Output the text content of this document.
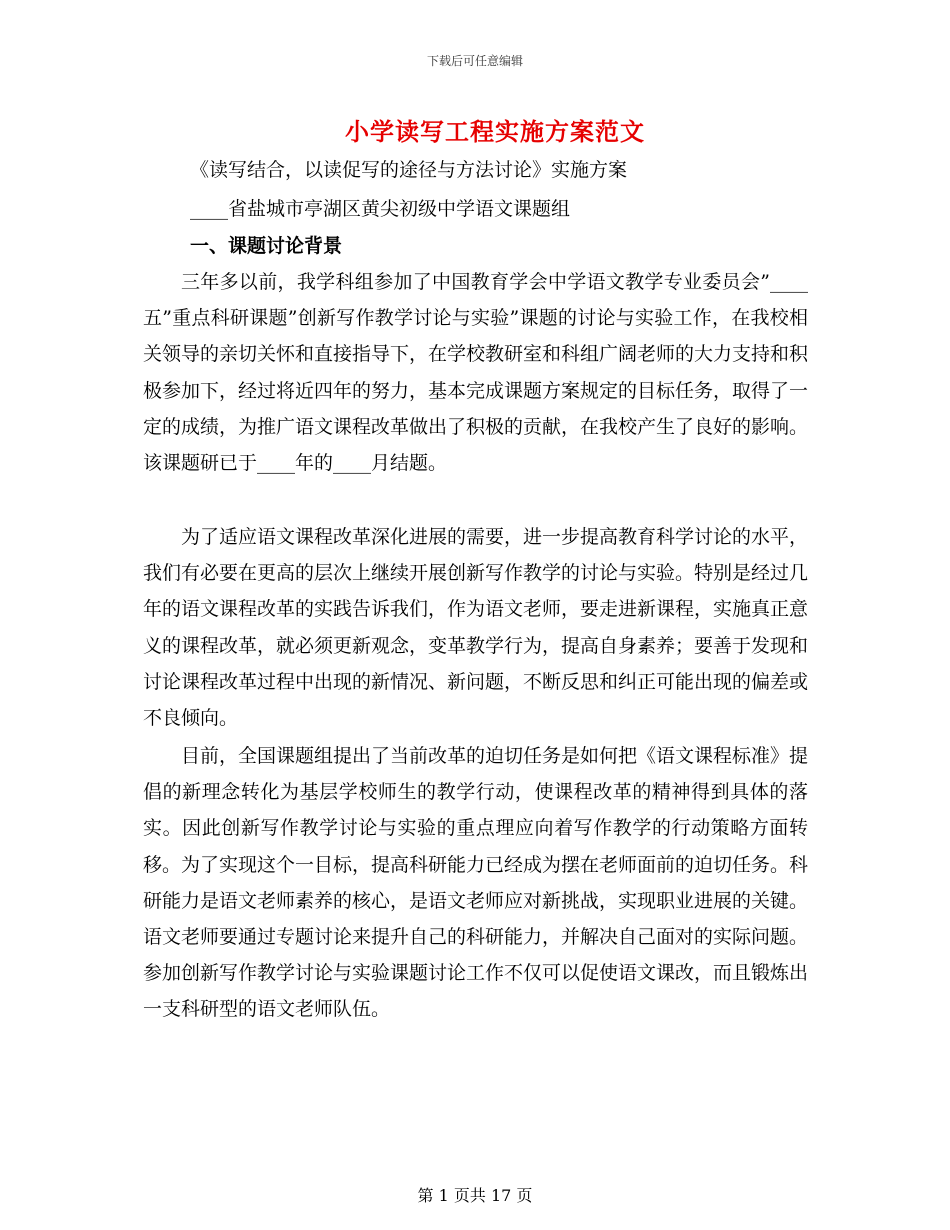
下载后可任意编辑
小学读写工程实施方案范文
《读写结合，以读促写的途径与方法讨论》实施方案
____省盐城市亭湖区黄尖初级中学语文课题组
一、课题讨论背景

三年多以前，我学科组参加了中国教育学会中学语文教学专业委员会”____五”重点科研课题”创新写作教学讨论与实验”课题的讨论与实验工作，在我校相关领导的亲切关怀和直接指导下，在学校教研室和科组广阔老师的大力支持和积极参加下，经过将近四年的努力，基本完成课题方案规定的目标任务，取得了一定的成绩，为推广语文课程改革做出了积极的贡献，在我校产生了良好的影响。该课题研已于____年的____月结题。

为了适应语文课程改革深化进展的需要，进一步提高教育科学讨论的水平，我们有必要在更高的层次上继续开展创新写作教学的讨论与实验。特别是经过几年的语文课程改革的实践告诉我们，作为语文老师，要走进新课程，实施真正意义的课程改革，就必须更新观念，变革教学行为，提高自身素养；要善于发现和讨论课程改革过程中出现的新情况、新问题，不断反思和纠正可能出现的偏差或不良倾向。

目前，全国课题组提出了当前改革的迫切任务是如何把《语文课程标准》提倡的新理念转化为基层学校师生的教学行动，使课程改革的精神得到具体的落实。因此创新写作教学讨论与实验的重点理应向着写作教学的行动策略方面转移。为了实现这个一目标，提高科研能力已经成为摆在老师面前的迫切任务。科研能力是语文老师素养的核心，是语文老师应对新挑战，实现职业进展的关键。语文老师要通过专题讨论来提升自己的科研能力，并解决自己面对的实际问题。参加创新写作教学讨论与实验课题讨论工作不仅可以促使语文课改，而且锻炼出一支科研型的语文老师队伍。

第 1 页共 17 页
